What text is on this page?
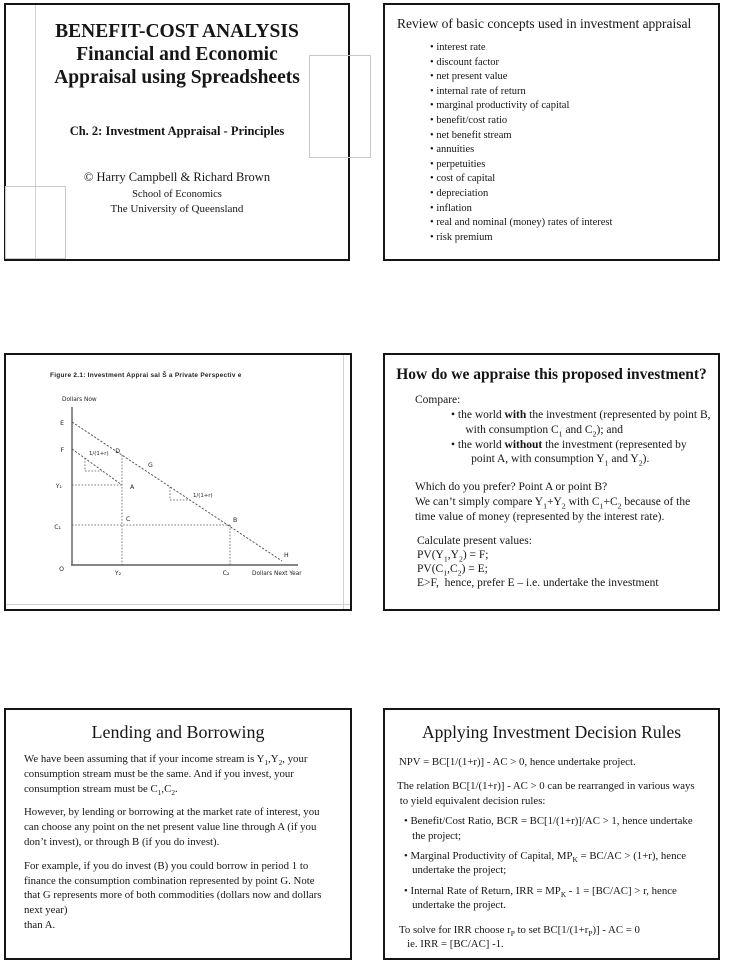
BENEFIT-COST ANALYSIS
Financial and Economic
Appraisal using Spreadsheets
Ch. 2: Investment Appraisal - Principles
© Harry Campbell & Richard Brown
School of Economics
The University of Queensland
Review of basic concepts used in investment appraisal
• interest rate
• discount factor
• net present value
• internal rate of return
• marginal productivity of capital
• benefit/cost ratio
• net benefit stream
• annuities
• perpetuities
• cost of capital
• depreciation
• inflation
• real and nominal (money) rates of interest
• risk premium
Figure 2.1: Investment Apprai sal Š a Private Perspectiv e
Dollars Now
1/(1+r)
1/(1+r)
E
F
Y₁
C₁
O
D
A
C
G
B
H
Y₂	C₂	Dollars Next Year
How do we appraise this proposed investment?
Compare:
• the world with the investment (represented by point B,
with consumption $C_1$ and $C_2$); and
• the world without the investment (represented by
point A, with consumption $Y_1$ and $Y_2$).
Which do you prefer? Point A or point B?
We can’t simply compare $Y_1+Y_2$ with $C_1+C_2$ because of the
time value of money (represented by the interest rate).
Calculate present values:
$PV(Y_1,Y_2) = F$;
$PV(C_1,C_2) = E$;
E>F,  hence, prefer E – i.e. undertake the investment
Lending and Borrowing
We have been assuming that if your income stream is $Y_1,Y_2$, your
consumption stream must be the same. And if you invest, your
consumption stream must be $C_1,C_2$.
However, by lending or borrowing at the market rate of interest, you
can choose any point on the net present value line through A (if you
don’t invest), or through B (if you do invest).
For example, if you do invest (B) you could borrow in period 1 to
finance the consumption combination represented by point G. Note
that G represents more of both commodities (dollars now and dollars
next year)
than A.
Applying Investment Decision Rules
NPV = BC[1/(1+r)] - AC > 0, hence undertake project.
The relation BC[1/(1+r)] - AC > 0 can be rearranged in various ways
to yield equivalent decision rules:
• Benefit/Cost Ratio, BCR = BC[1/(1+r)]/AC > 1, hence undertake
the project;
• Marginal Productivity of Capital, $MP_K = BC/AC > (1+r)$, hence
undertake the project;
• Internal Rate of Return, IRR = $MP_K - 1 = [BC/AC] > r$, hence
undertake the project.
To solve for IRR choose $r_P$ to set $BC[1/(1+r_P)]$ - AC = 0
ie. IRR = [BC/AC] -1.
